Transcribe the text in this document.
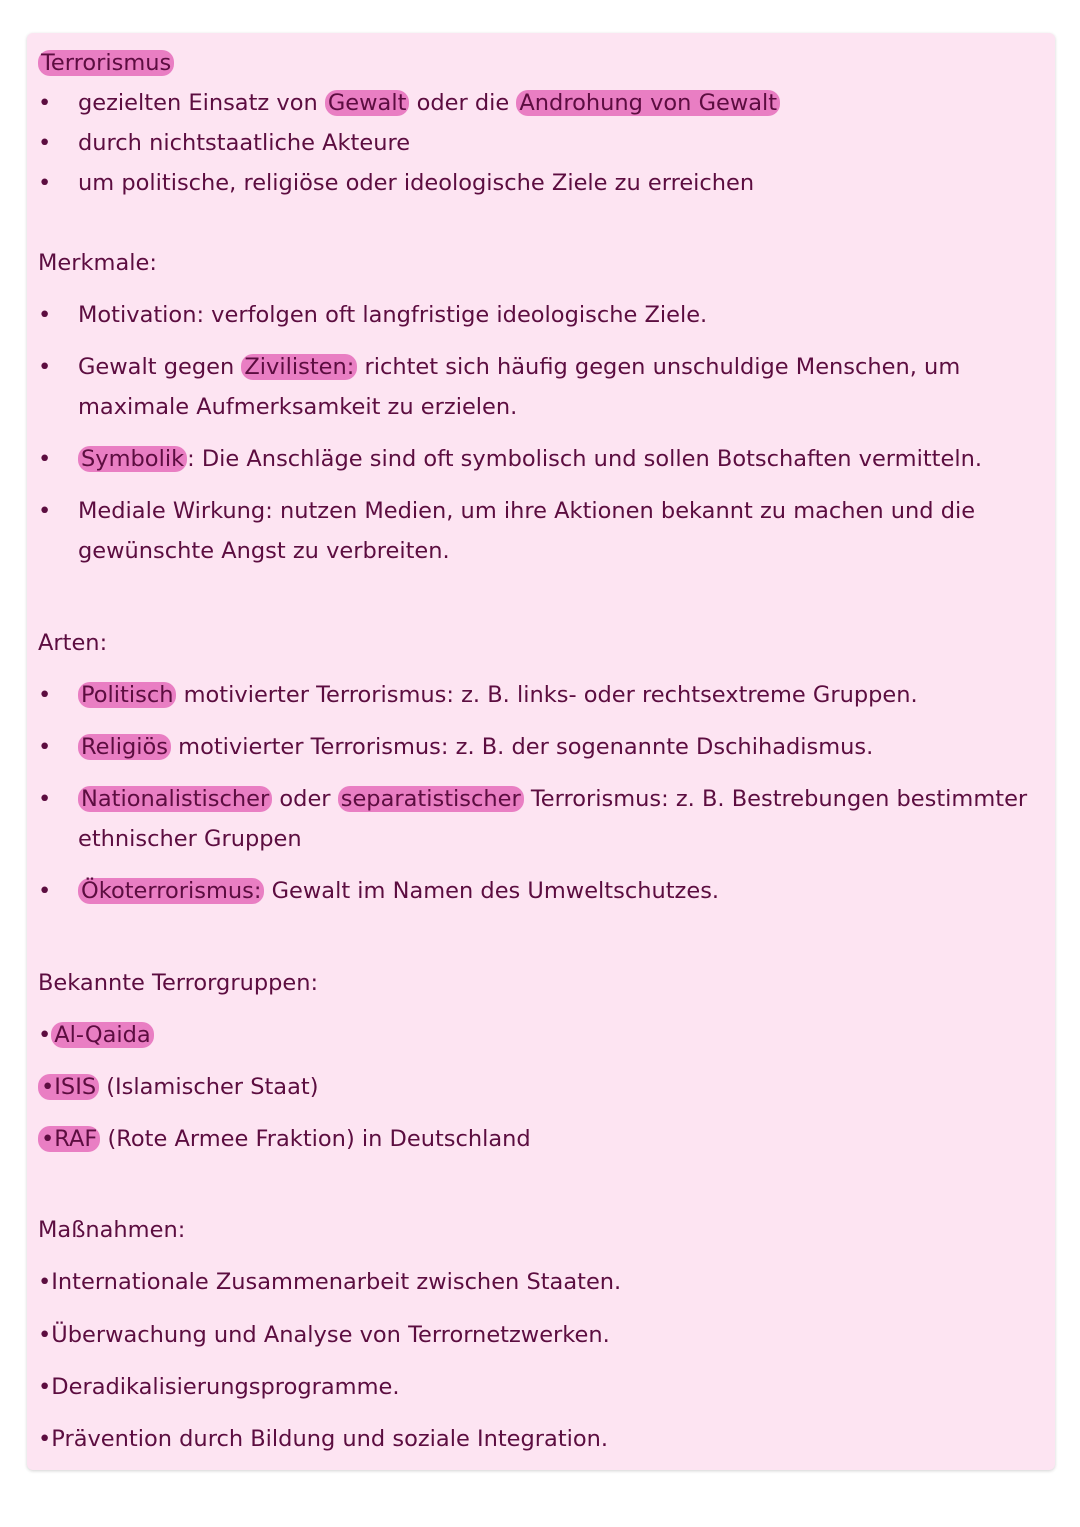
Terrorismus
• gezielten Einsatz von Gewalt oder die Androhung von Gewalt
• durch nichtstaatliche Akteure
• um politische, religiöse oder ideologische Ziele zu erreichen
Merkmale:
• Motivation: verfolgen oft langfristige ideologische Ziele.
• Gewalt gegen Zivilisten: richtet sich häufig gegen unschuldige Menschen, um maximale Aufmerksamkeit zu erzielen.
• Symbolik : Die Anschläge sind oft symbolisch und sollen Botschaften vermitteln.
• Mediale Wirkung: nutzen Medien, um ihre Aktionen bekannt zu machen und die gewünschte Angst zu verbreiten.
Arten:
• Politisch motivierter Terrorismus: z. B. links- oder rechtsextreme Gruppen.
• Religiös motivierter Terrorismus: z. B. der sogenannte Dschihadismus.
• Nationalistischer oder separatistischer Terrorismus: z. B. Bestrebungen bestimmter ethnischer Gruppen
• Ökoterrorismus: Gewalt im Namen des Umweltschutzes.
Bekannte Terrorgruppen:
• Al-Qaida
•ISIS (Islamischer Staat)
•RAF (Rote Armee Fraktion) in Deutschland
Maßnahmen:
•Internationale Zusammenarbeit zwischen Staaten.
•Überwachung und Analyse von Terrornetzwerken.
•Deradikalisierungsprogramme.
•Prävention durch Bildung und soziale Integration.
